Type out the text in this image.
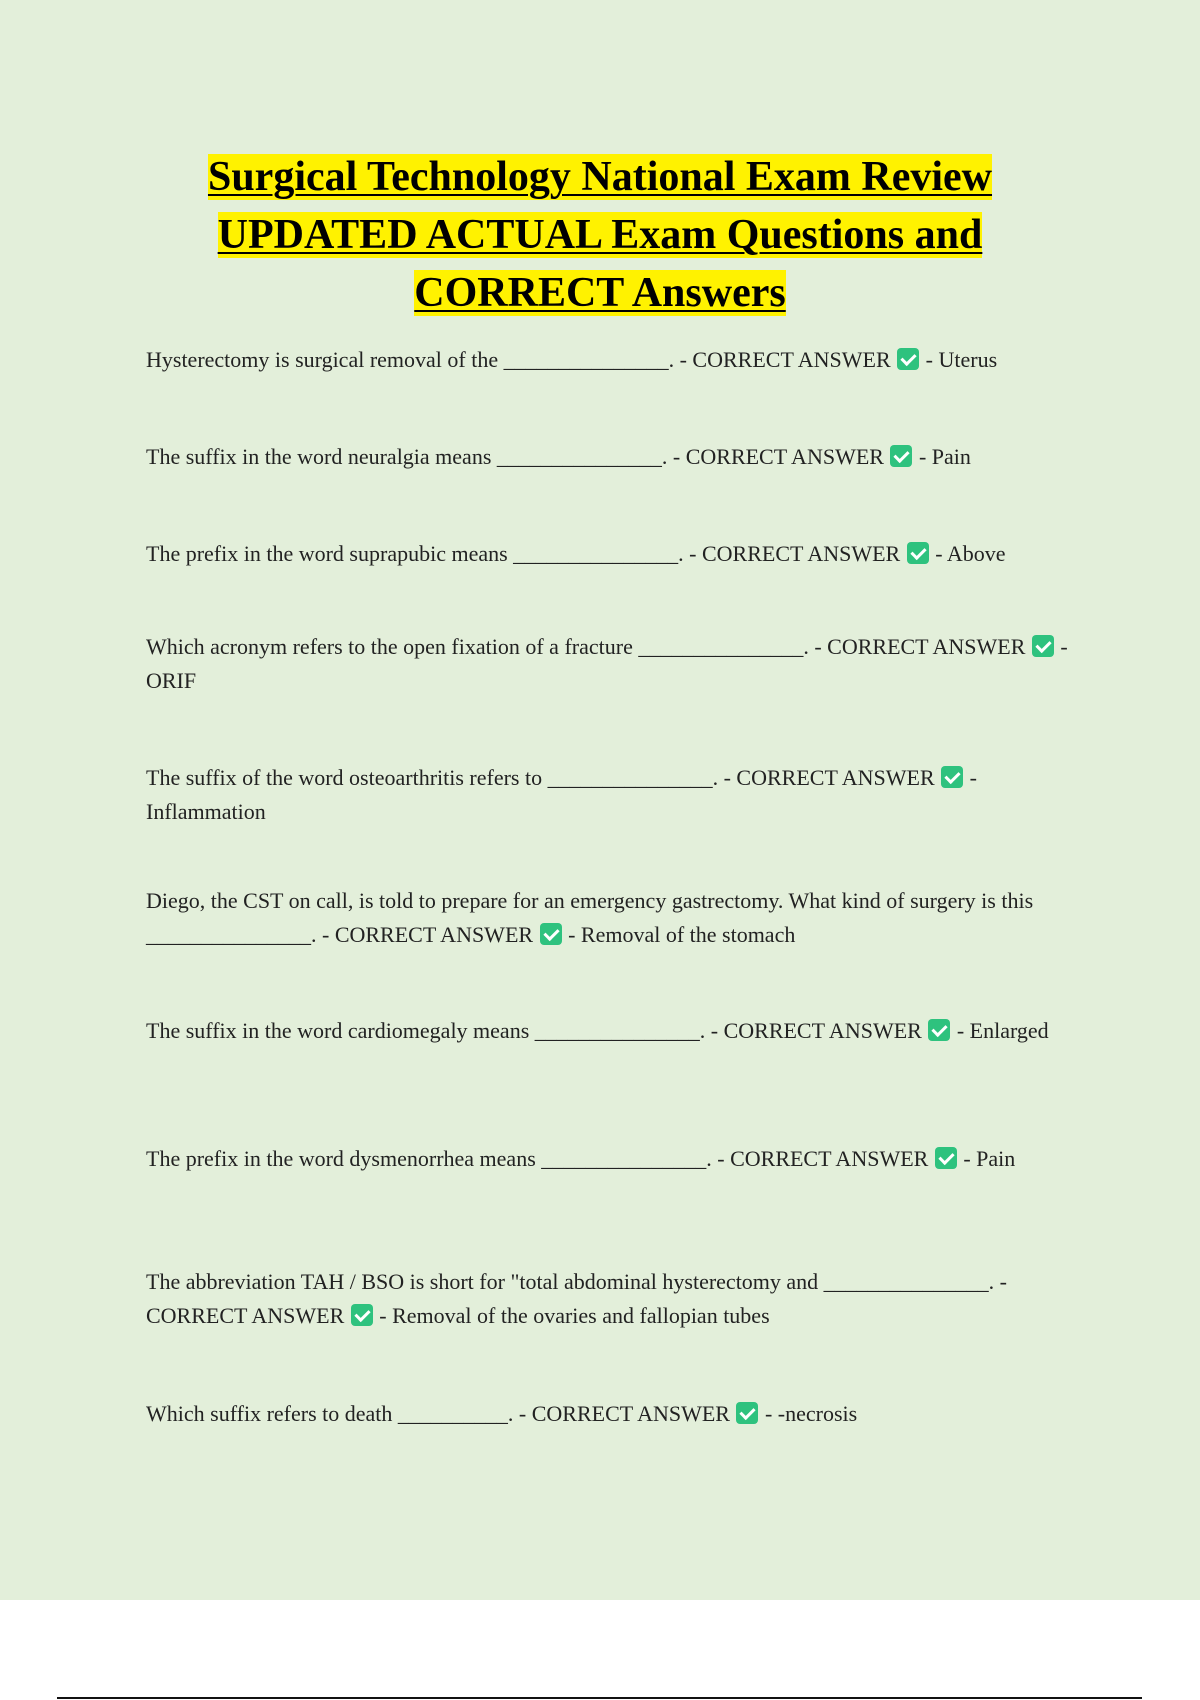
Surgical Technology National Exam Review
UPDATED ACTUAL Exam Questions and
CORRECT Answers

Hysterectomy is surgical removal of the _______________. - CORRECT ANSWER - Uterus

The suffix in the word neuralgia means _______________. - CORRECT ANSWER - Pain

The prefix in the word suprapubic means _______________. - CORRECT ANSWER - Above

Which acronym refers to the open fixation of a fracture _______________. - CORRECT ANSWER - ORIF

The suffix of the word osteoarthritis refers to _______________. - CORRECT ANSWER - Inflammation

Diego, the CST on call, is told to prepare for an emergency gastrectomy. What kind of surgery is this _______________. - CORRECT ANSWER - Removal of the stomach

The suffix in the word cardiomegaly means _______________. - CORRECT ANSWER - Enlarged

The prefix in the word dysmenorrhea means _______________. - CORRECT ANSWER - Pain

The abbreviation TAH / BSO is short for "total abdominal hysterectomy and _______________. - CORRECT ANSWER - Removal of the ovaries and fallopian tubes

Which suffix refers to death __________. - CORRECT ANSWER - -necrosis
